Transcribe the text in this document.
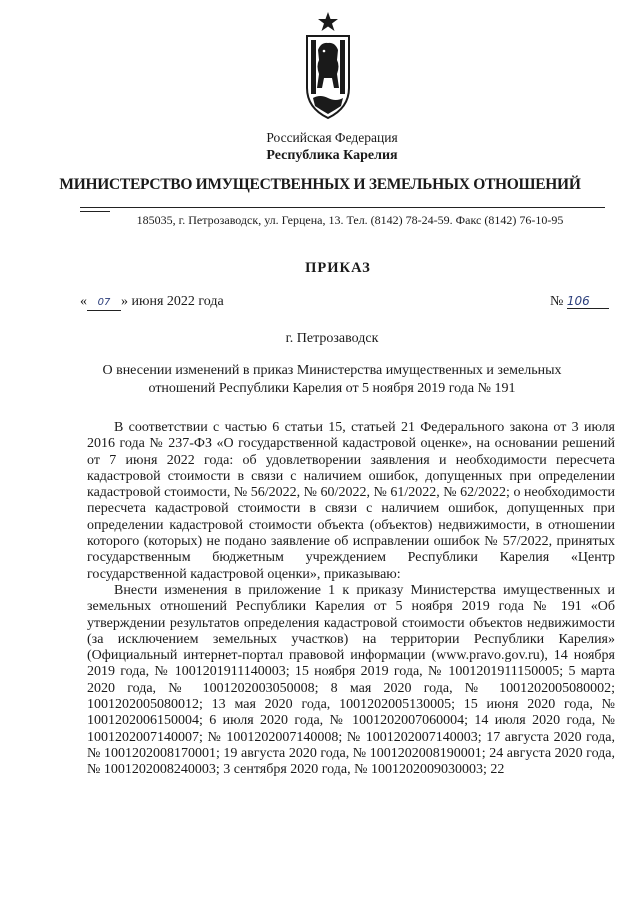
Российская Федерация
Республика Карелия
МИНИСТЕРСТВО ИМУЩЕСТВЕННЫХ И ЗЕМЕЛЬНЫХ ОТНОШЕНИЙ
185035, г. Петрозаводск, ул. Герцена, 13. Тел. (8142) 78-24-59. Факс (8142) 76-10-95
ПРИКАЗ
« 07 » июня 2022 года	№ 106
г. Петрозаводск
О внесении изменений в приказ Министерства имущественных и земельных отношений Республики Карелия от 5 ноября 2019 года № 191

В соответствии с частью 6 статьи 15, статьей 21 Федерального закона от 3 июля 2016 года № 237-ФЗ «О государственной кадастровой оценке», на основании решений от 7 июня 2022 года: об удовлетворении заявления и необходимости пересчета кадастровой стоимости в связи с наличием ошибок, допущенных при определении кадастровой стоимости, № 56/2022, № 60/2022, № 61/2022, № 62/2022; о необходимости пересчета кадастровой стоимости в связи с наличием ошибок, допущенных при определении кадастровой стоимости объекта (объектов) недвижимости, в отношении которого (которых) не подано заявление об исправлении ошибок № 57/2022, принятых государственным бюджетным учреждением Республики Карелия «Центр государственной кадастровой оценки», приказываю:

Внести изменения в приложение 1 к приказу Министерства имущественных и земельных отношений Республики Карелия от 5 ноября 2019 года № 191 «Об утверждении результатов определения кадастровой стоимости объектов недвижимости (за исключением земельных участков) на территории Республики Карелия» (Официальный интернет-портал правовой информации (www.pravo.gov.ru), 14 ноября 2019 года, № 1001201911140003; 15 ноября 2019 года, № 1001201911150005; 5 марта 2020 года, № 1001202003050008; 8 мая 2020 года, № 1001202005080002; 1001202005080012; 13 мая 2020 года, 1001202005130005; 15 июня 2020 года, № 1001202006150004; 6 июля 2020 года, № 1001202007060004; 14 июля 2020 года, № 1001202007140007; № 1001202007140008; № 1001202007140003; 17 августа 2020 года, № 1001202008170001; 19 августа 2020 года, № 1001202008190001; 24 августа 2020 года, № 1001202008240003; 3 сентября 2020 года, № 1001202009030003; 22
